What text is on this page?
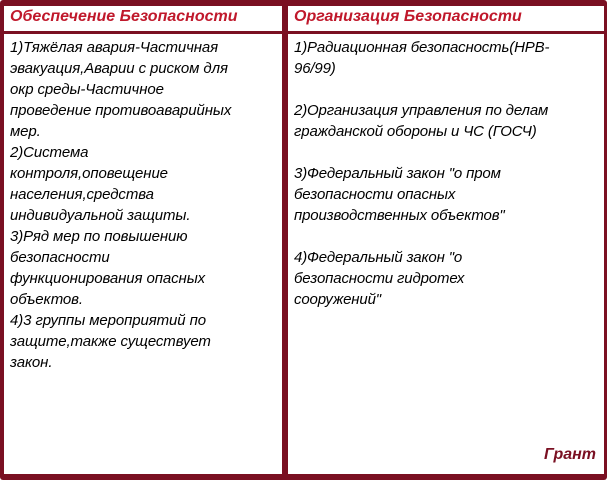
Обеспечение Безопасности

1)Тяжёлая авария-Частичная
эвакуация,Аварии с риском для
окр среды-Частичное
проведение противоаварийных
мер.
2)Система
контроля,оповещение
населения,средства
индивидуальной защиты.
3)Ряд мер по повышению
безопасности
функционирования опасных
объектов.
4)3 группы мероприятий по
защите,также существует
закон.

Организация Безопасности

1)Радиационная безопасность(НРВ-
96/99)

2)Организация управления по делам
гражданской обороны и ЧС (ГОСЧ)

3)Федеральный закон "о пром
безопасности опасных
производственных объектов"

4)Федеральный закон "о
безопасности гидротех
сооружений"

Грант
